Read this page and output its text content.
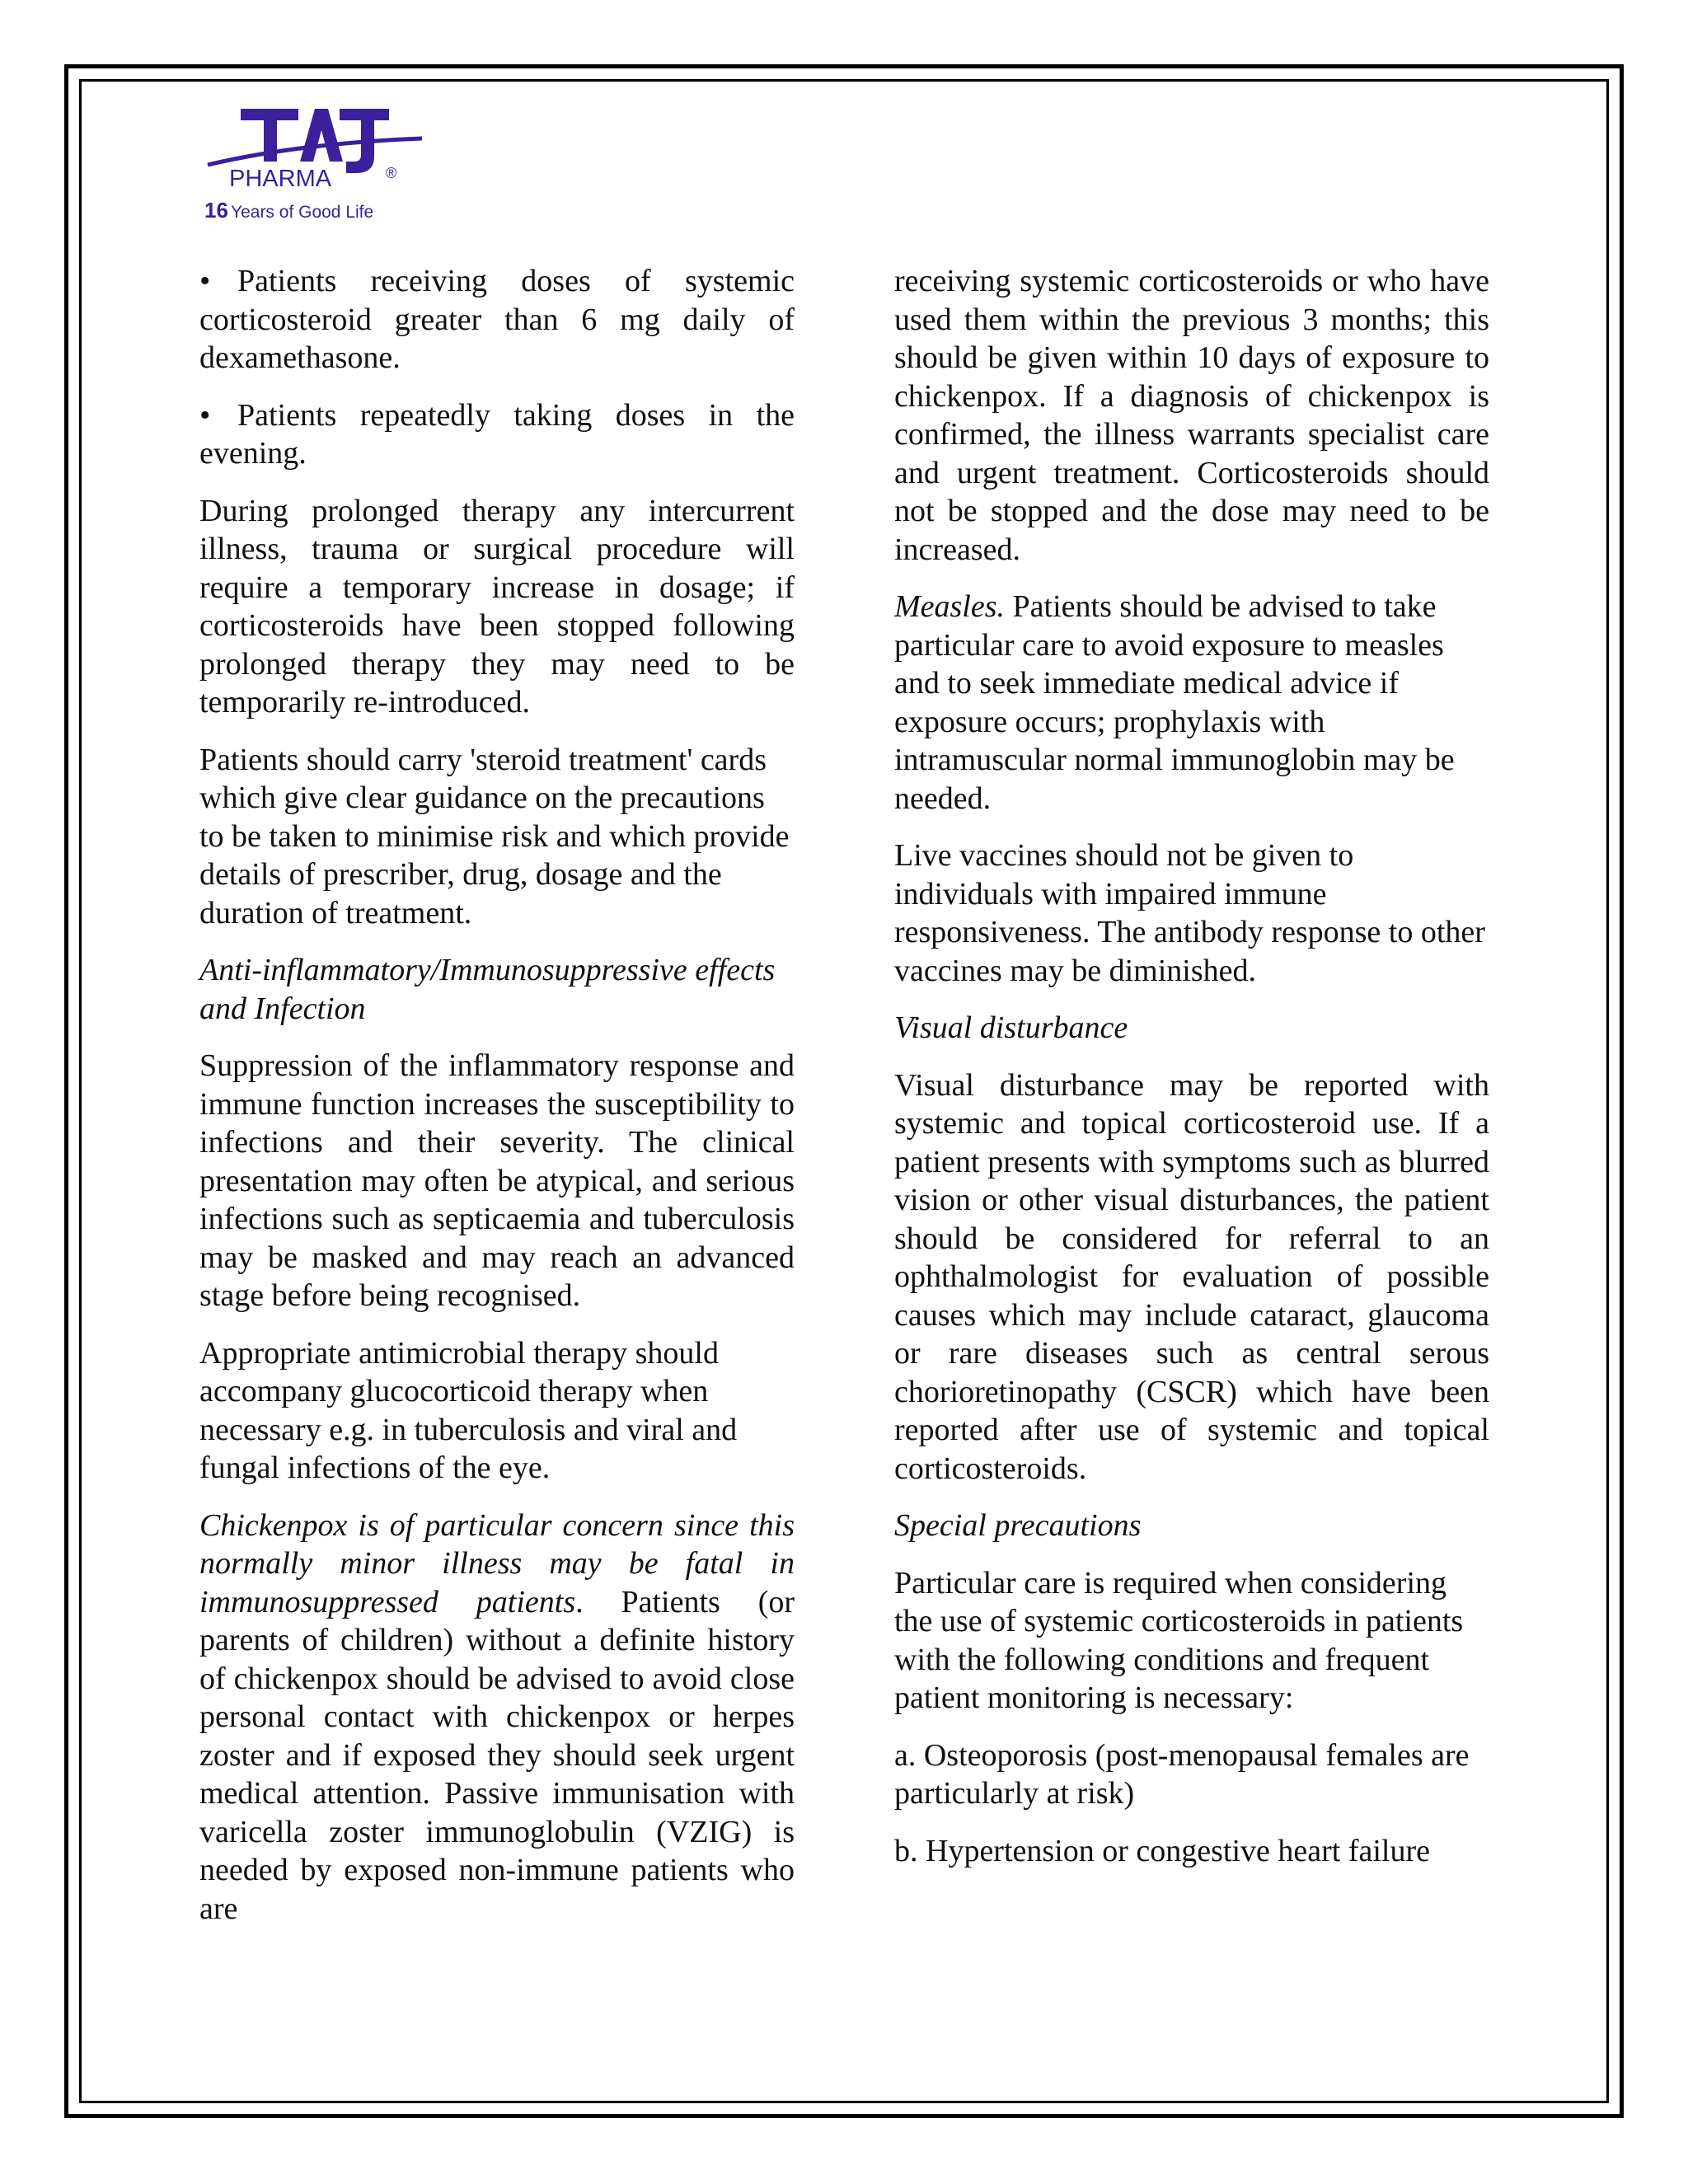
PHARMA	®
16 Years of Good Life

• Patients receiving doses of systemic corticosteroid greater than 6 mg daily of dexamethasone.

• Patients repeatedly taking doses in the evening.

During prolonged therapy any intercurrent illness, trauma or surgical procedure will require a temporary increase in dosage; if corticosteroids have been stopped following prolonged therapy they may need to be temporarily re-introduced.

Patients should carry 'steroid treatment' cards which give clear guidance on the precautions to be taken to minimise risk and which provide details of prescriber, drug, dosage and the duration of treatment.

Anti-inflammatory/Immunosuppressive effects and Infection

Suppression of the inflammatory response and immune function increases the susceptibility to infections and their severity. The clinical presentation may often be atypical, and serious infections such as septicaemia and tuberculosis may be masked and may reach an advanced stage before being recognised.

Appropriate antimicrobial therapy should accompany glucocorticoid therapy when necessary e.g. in tuberculosis and viral and fungal infections of the eye.

Chickenpox is of particular concern since this normally minor illness may be fatal in immunosuppressed patients. Patients (or parents of children) without a definite history of chickenpox should be advised to avoid close personal contact with chickenpox or herpes zoster and if exposed they should seek urgent medical attention. Passive immunisation with varicella zoster immunoglobulin (VZIG) is needed by exposed non-immune patients who are

receiving systemic corticosteroids or who have used them within the previous 3 months; this should be given within 10 days of exposure to chickenpox. If a diagnosis of chickenpox is confirmed, the illness warrants specialist care and urgent treatment. Corticosteroids should not be stopped and the dose may need to be increased.

Measles. Patients should be advised to take particular care to avoid exposure to measles and to seek immediate medical advice if exposure occurs; prophylaxis with intramuscular normal immunoglobin may be needed.

Live vaccines should not be given to individuals with impaired immune responsiveness. The antibody response to other vaccines may be diminished.

Visual disturbance

Visual disturbance may be reported with systemic and topical corticosteroid use. If a patient presents with symptoms such as blurred vision or other visual disturbances, the patient should be considered for referral to an ophthalmologist for evaluation of possible causes which may include cataract, glaucoma or rare diseases such as central serous chorioretinopathy (CSCR) which have been reported after use of systemic and topical corticosteroids.

Special precautions

Particular care is required when considering the use of systemic corticosteroids in patients with the following conditions and frequent patient monitoring is necessary:

a. Osteoporosis (post-menopausal females are particularly at risk)

b. Hypertension or congestive heart failure
